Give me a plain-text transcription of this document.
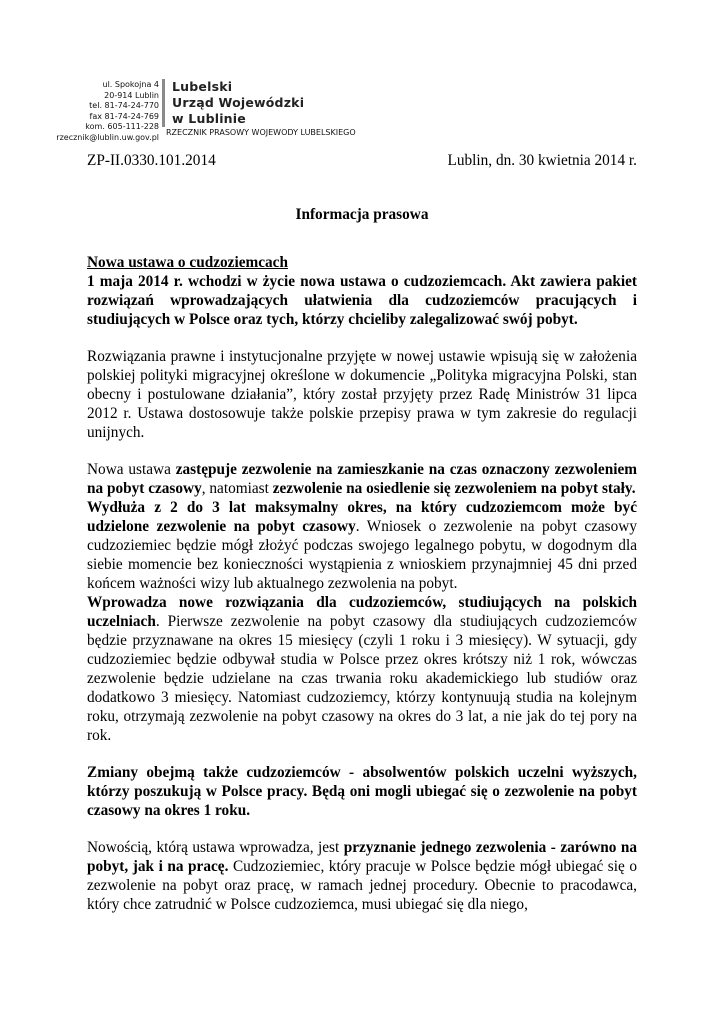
ul. Spokojna 4
20-914 Lublin
tel. 81-74-24-770
fax 81-74-24-769
kom. 605-111-228
rzecznik@lublin.uw.gov.pl
Lubelski
Urząd Wojewódzki
w Lublinie
RZECZNIK PRASOWY WOJEWODY LUBELSKIEGO
ZP-II.0330.101.2014	Lublin, dn. 30 kwietnia 2014 r.
Informacja prasowa
Nowa ustawa o cudzoziemcach

1 maja 2014 r. wchodzi w życie nowa ustawa o cudzoziemcach. Akt zawiera pakiet rozwiązań wprowadzających ułatwienia dla cudzoziemców pracujących i studiujących w Polsce oraz tych, którzy chcieliby zalegalizować swój pobyt.

Rozwiązania prawne i instytucjonalne przyjęte w nowej ustawie wpisują się w założenia polskiej polityki migracyjnej określone w dokumencie „Polityka migracyjna Polski, stan obecny i postulowane działania”, który został przyjęty przez Radę Ministrów 31 lipca 2012 r. Ustawa dostosowuje także polskie przepisy prawa w tym zakresie do regulacji unijnych.

Nowa ustawa zastępuje zezwolenie na zamieszkanie na czas oznaczony zezwoleniem na pobyt czasowy, natomiast zezwolenie na osiedlenie się zezwoleniem na pobyt stały.

Wydłuża z 2 do 3 lat maksymalny okres, na który cudzoziemcom może być udzielone zezwolenie na pobyt czasowy. Wniosek o zezwolenie na pobyt czasowy cudzoziemiec będzie mógł złożyć podczas swojego legalnego pobytu, w dogodnym dla siebie momencie bez konieczności wystąpienia z wnioskiem przynajmniej 45 dni przed końcem ważności wizy lub aktualnego zezwolenia na pobyt.

Wprowadza nowe rozwiązania dla cudzoziemców, studiujących na polskich uczelniach. Pierwsze zezwolenie na pobyt czasowy dla studiujących cudzoziemców będzie przyznawane na okres 15 miesięcy (czyli 1 roku i 3 miesięcy). W sytuacji, gdy cudzoziemiec będzie odbywał studia w Polsce przez okres krótszy niż 1 rok, wówczas zezwolenie będzie udzielane na czas trwania roku akademickiego lub studiów oraz dodatkowo 3 miesięcy. Natomiast cudzoziemcy, którzy kontynuują studia na kolejnym roku, otrzymają zezwolenie na pobyt czasowy na okres do 3 lat, a nie jak do tej pory na rok.

Zmiany obejmą także cudzoziemców - absolwentów polskich uczelni wyższych, którzy poszukują w Polsce pracy. Będą oni mogli ubiegać się o zezwolenie na pobyt czasowy na okres 1 roku.

Nowością, którą ustawa wprowadza, jest przyznanie jednego zezwolenia - zarówno na pobyt, jak i na pracę. Cudzoziemiec, który pracuje w Polsce będzie mógł ubiegać się o zezwolenie na pobyt oraz pracę, w ramach jednej procedury. Obecnie to pracodawca, który chce zatrudnić w Polsce cudzoziemca, musi ubiegać się dla niego,
